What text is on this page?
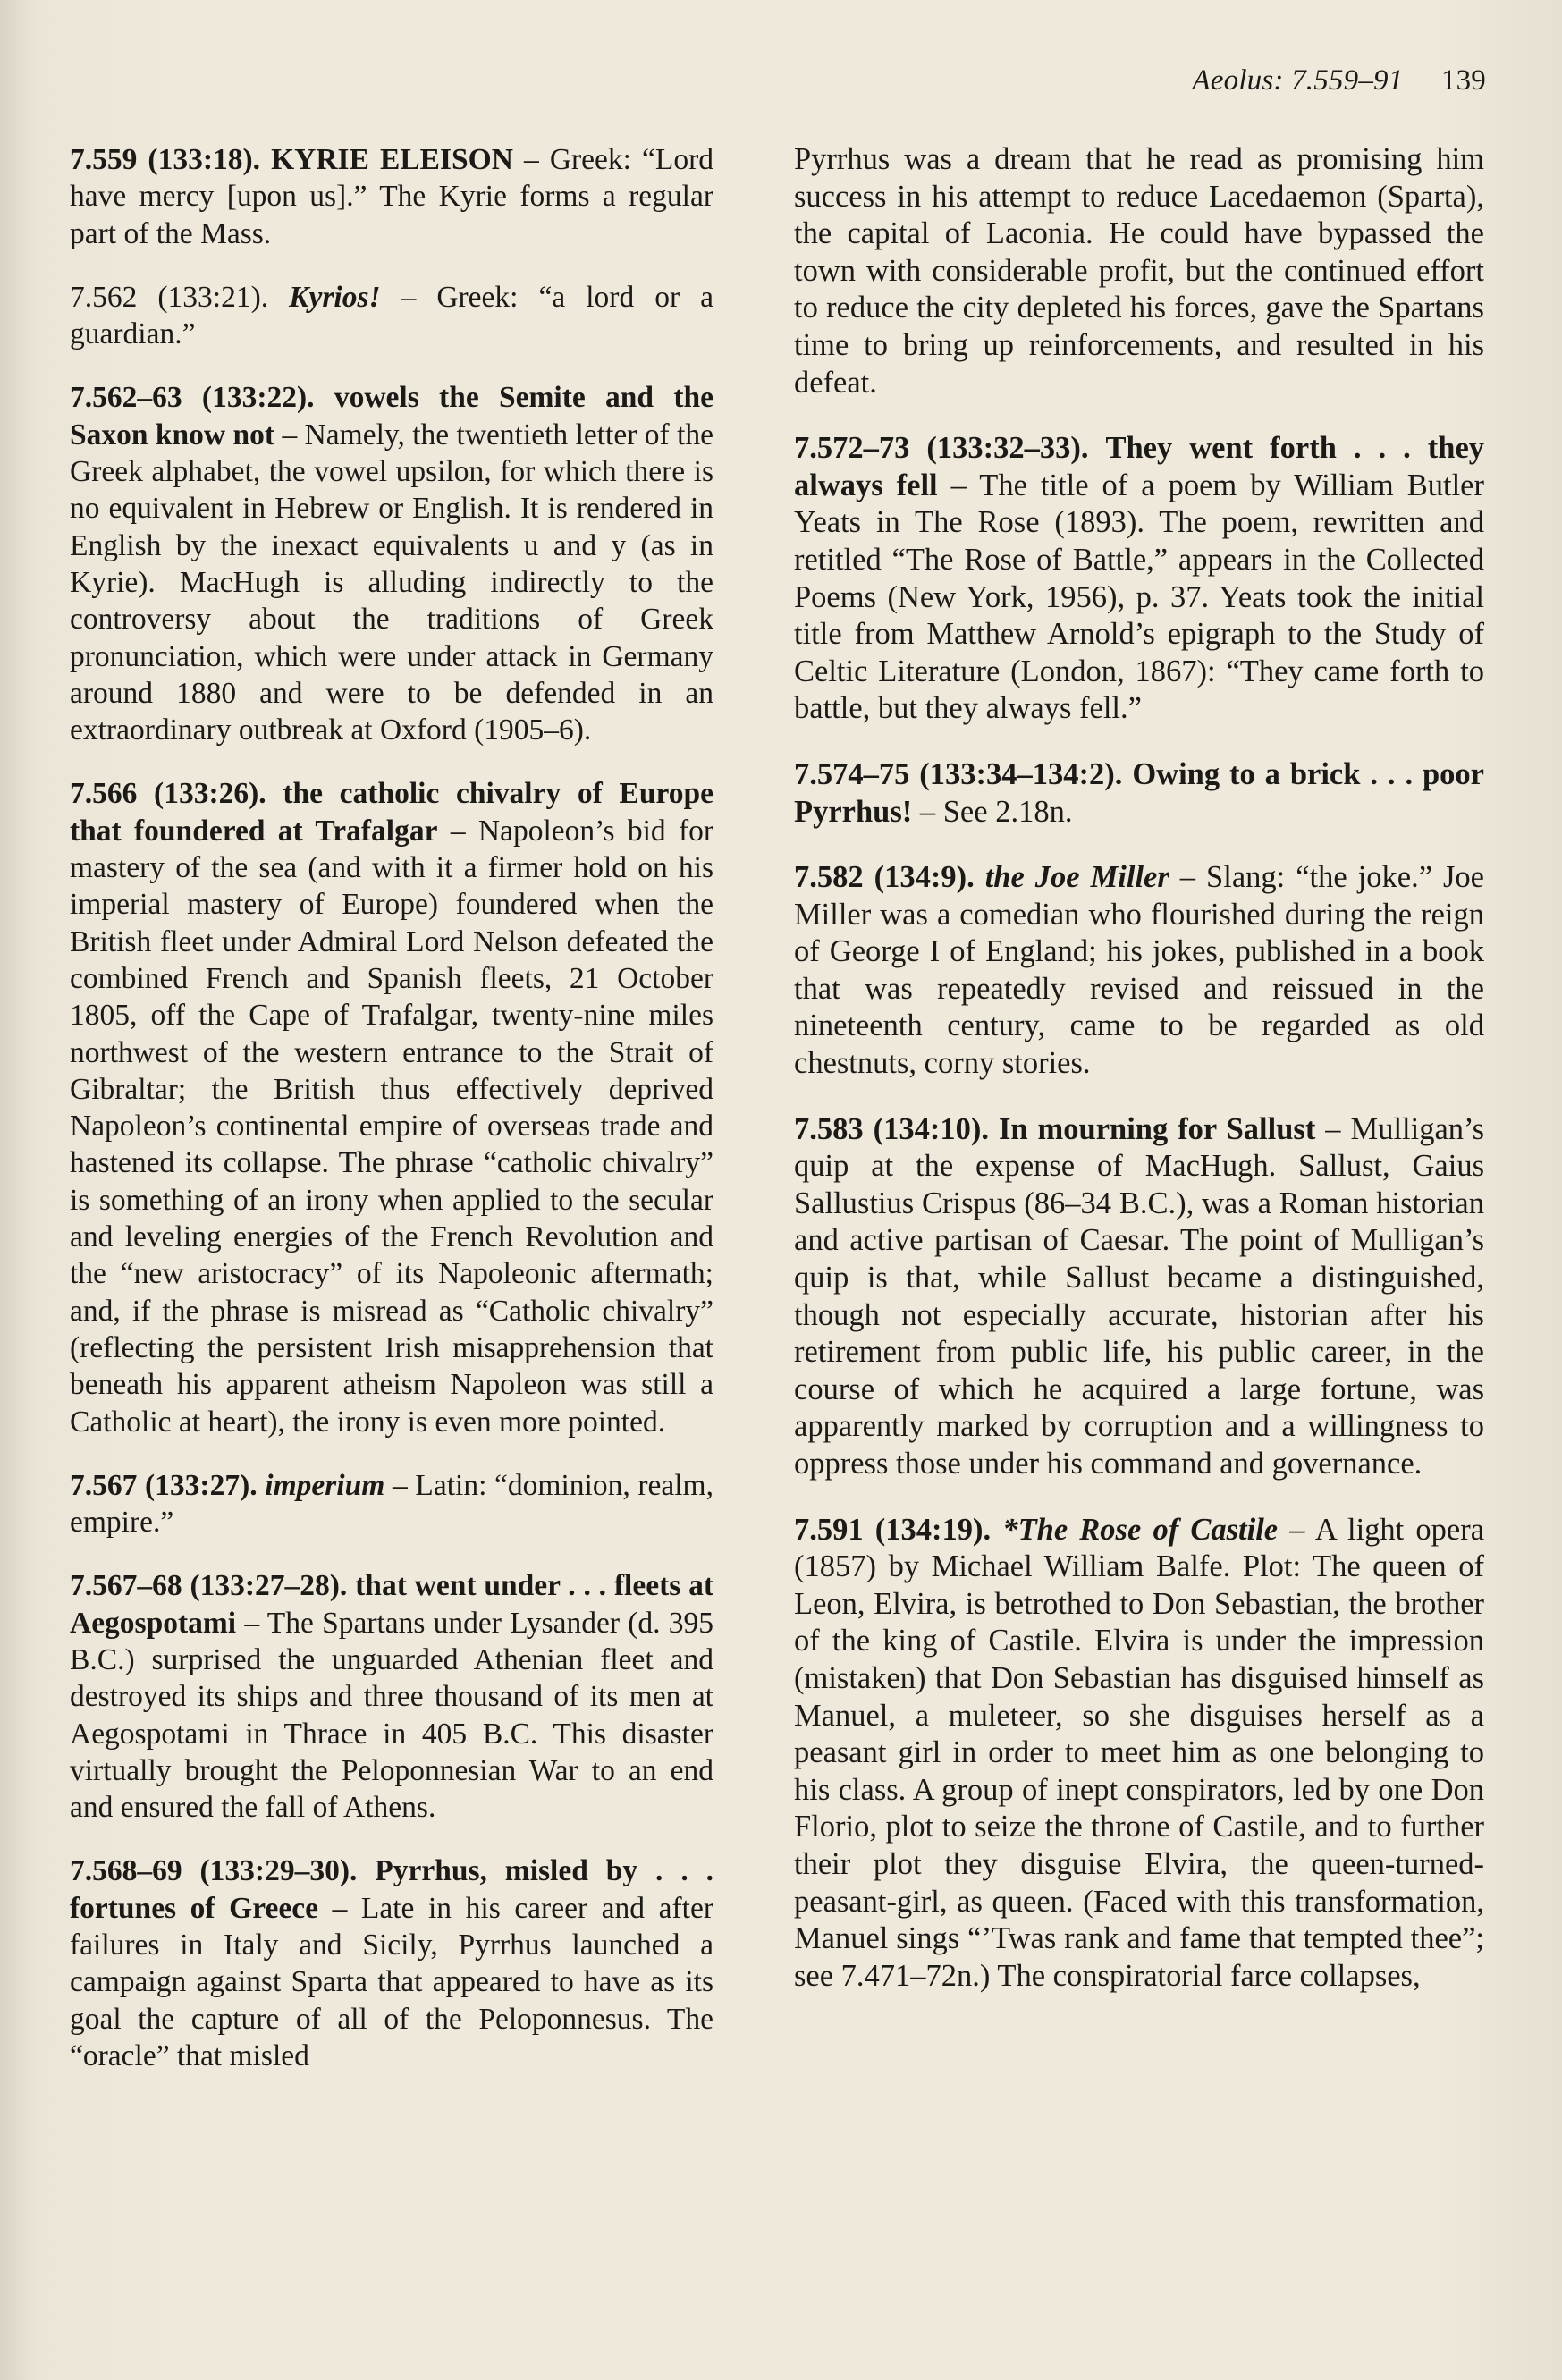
Aeolus: 7.559–91 139

7.559 (133:18). KYRIE ELEISON – Greek: “Lord have mercy [upon us].” The Kyrie forms a regular part of the Mass.

7.562 (133:21). Kyrios! – Greek: “a lord or a guardian.”

7.562–63 (133:22). vowels the Semite and the Saxon know not – Namely, the twentieth letter of the Greek alphabet, the vowel upsilon, for which there is no equivalent in Hebrew or English. It is rendered in English by the inexact equivalents u and y (as in Kyrie). MacHugh is alluding indirectly to the controversy about the traditions of Greek pronunciation, which were under attack in Germany around 1880 and were to be defended in an extraordinary outbreak at Oxford (1905–6).

7.566 (133:26). the catholic chivalry of Europe that foundered at Trafalgar – Napoleon’s bid for mastery of the sea (and with it a firmer hold on his imperial mastery of Europe) foundered when the British fleet under Admiral Lord Nelson defeated the combined French and Spanish fleets, 21 October 1805, off the Cape of Trafalgar, twenty-nine miles northwest of the western entrance to the Strait of Gibraltar; the British thus effectively deprived Napoleon’s continental empire of overseas trade and hastened its collapse. The phrase “catholic chivalry” is something of an irony when applied to the secular and leveling energies of the French Revolution and the “new aristocracy” of its Napoleonic aftermath; and, if the phrase is misread as “Catholic chivalry” (reflecting the persistent Irish misapprehension that beneath his apparent atheism Napoleon was still a Catholic at heart), the irony is even more pointed.

7.567 (133:27). imperium – Latin: “dominion, realm, empire.”

7.567–68 (133:27–28). that went under . . . fleets at Aegospotami – The Spartans under Lysander (d. 395 B.C.) surprised the unguarded Athenian fleet and destroyed its ships and three thousand of its men at Aegospotami in Thrace in 405 B.C. This disaster virtually brought the Peloponnesian War to an end and ensured the fall of Athens.

7.568–69 (133:29–30). Pyrrhus, misled by . . . fortunes of Greece – Late in his career and after failures in Italy and Sicily, Pyrrhus launched a campaign against Sparta that appeared to have as its goal the capture of all of the Peloponnesus. The “oracle” that misled

Pyrrhus was a dream that he read as promising him success in his attempt to reduce Lacedaemon (Sparta), the capital of Laconia. He could have bypassed the town with considerable profit, but the continued effort to reduce the city depleted his forces, gave the Spartans time to bring up reinforcements, and resulted in his defeat.

7.572–73 (133:32–33). They went forth . . . they always fell – The title of a poem by William Butler Yeats in The Rose (1893). The poem, rewritten and retitled “The Rose of Battle,” appears in the Collected Poems (New York, 1956), p. 37. Yeats took the initial title from Matthew Arnold’s epigraph to the Study of Celtic Literature (London, 1867): “They came forth to battle, but they always fell.”

7.574–75 (133:34–134:2). Owing to a brick . . . poor Pyrrhus! – See 2.18n.

7.582 (134:9). the Joe Miller – Slang: “the joke.” Joe Miller was a comedian who flourished during the reign of George I of England; his jokes, published in a book that was repeatedly revised and reissued in the nineteenth century, came to be regarded as old chestnuts, corny stories.

7.583 (134:10). In mourning for Sallust – Mulligan’s quip at the expense of MacHugh. Sallust, Gaius Sallustius Crispus (86–34 B.C.), was a Roman historian and active partisan of Caesar. The point of Mulligan’s quip is that, while Sallust became a distinguished, though not especially accurate, historian after his retirement from public life, his public career, in the course of which he acquired a large fortune, was apparently marked by corruption and a willingness to oppress those under his command and governance.

7.591 (134:19). *The Rose of Castile – A light opera (1857) by Michael William Balfe. Plot: The queen of Leon, Elvira, is betrothed to Don Sebastian, the brother of the king of Castile. Elvira is under the impression (mistaken) that Don Sebastian has disguised himself as Manuel, a muleteer, so she disguises herself as a peasant girl in order to meet him as one belonging to his class. A group of inept conspirators, led by one Don Florio, plot to seize the throne of Castile, and to further their plot they disguise Elvira, the queen-turned-peasant-girl, as queen. (Faced with this transformation, Manuel sings “’Twas rank and fame that tempted thee”; see 7.471–72n.) The conspiratorial farce collapses,
